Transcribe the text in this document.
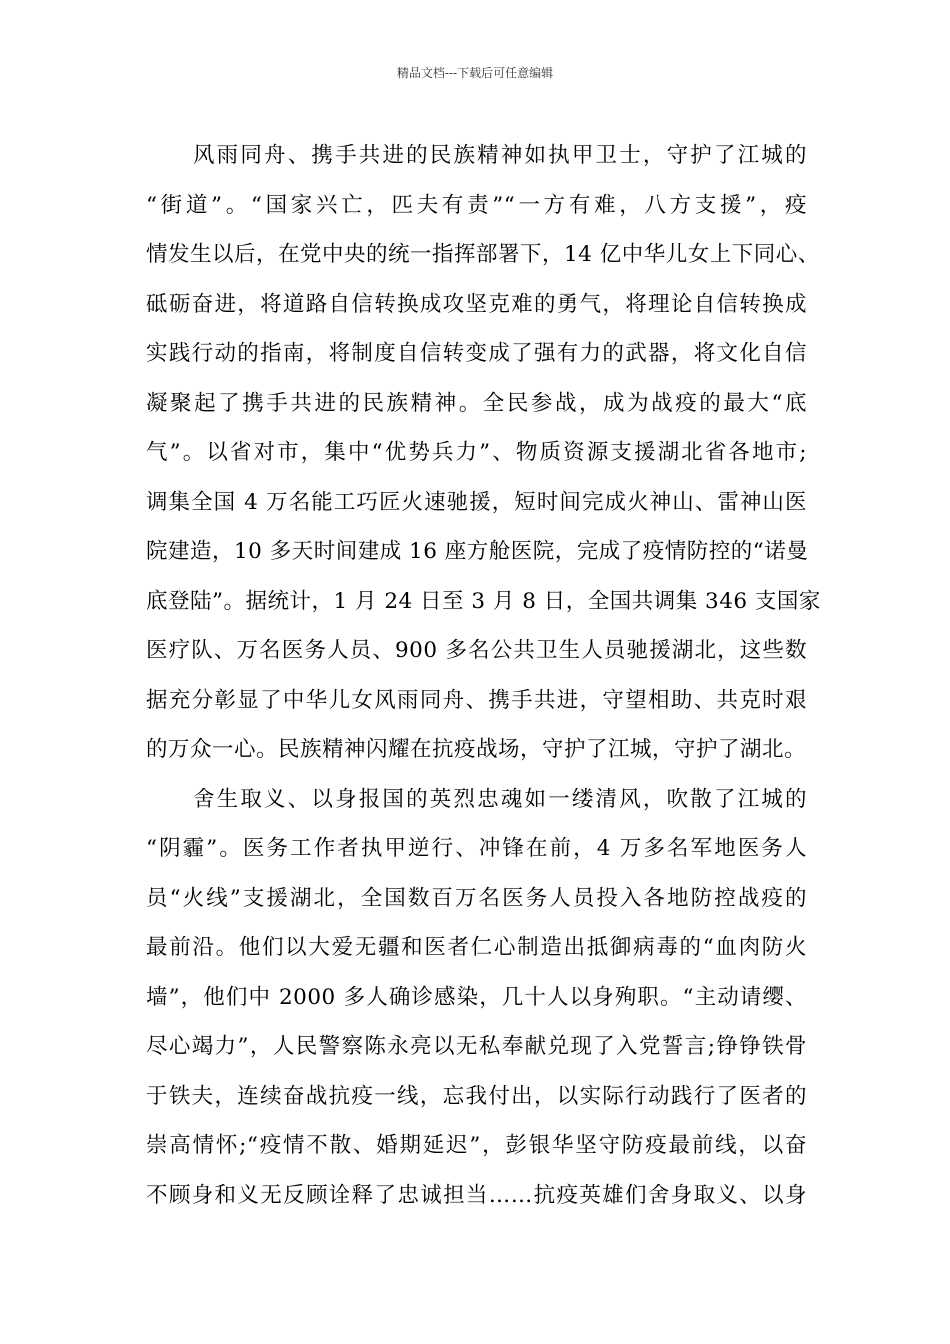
精品文档---下载后可任意编辑
风雨同舟、携手共进的民族精神如执甲卫士，守护了江城的
“街道”。“国家兴亡，匹夫有责”“一方有难，八方支援”，疫
情发生以后，在党中央的统一指挥部署下，14 亿中华儿女上下同心、
砥砺奋进，将道路自信转换成攻坚克难的勇气，将理论自信转换成
实践行动的指南，将制度自信转变成了强有力的武器，将文化自信
凝聚起了携手共进的民族精神。全民参战，成为战疫的最大“底
气”。以省对市，集中“优势兵力”、物质资源支援湖北省各地市;
调集全国 4 万名能工巧匠火速驰援，短时间完成火神山、雷神山医
院建造，10 多天时间建成 16 座方舱医院，完成了疫情防控的“诺曼
底登陆”。据统计，1 月 24 日至 3 月 8 日，全国共调集 346 支国家
医疗队、万名医务人员、900 多名公共卫生人员驰援湖北，这些数
据充分彰显了中华儿女风雨同舟、携手共进，守望相助、共克时艰
的万众一心。民族精神闪耀在抗疫战场，守护了江城，守护了湖北。
舍生取义、以身报国的英烈忠魂如一缕清风，吹散了江城的
“阴霾”。医务工作者执甲逆行、冲锋在前，4 万多名军地医务人
员“火线”支援湖北，全国数百万名医务人员投入各地防控战疫的
最前沿。他们以大爱无疆和医者仁心制造出抵御病毒的“血肉防火
墙”，他们中 2000 多人确诊感染，几十人以身殉职。“主动请缨、
尽心竭力”，人民警察陈永亮以无私奉献兑现了入党誓言;铮铮铁骨
于铁夫，连续奋战抗疫一线，忘我付出，以实际行动践行了医者的
崇高情怀;“疫情不散、婚期延迟”，彭银华坚守防疫最前线，以奋
不顾身和义无反顾诠释了忠诚担当……抗疫英雄们舍身取义、以身
